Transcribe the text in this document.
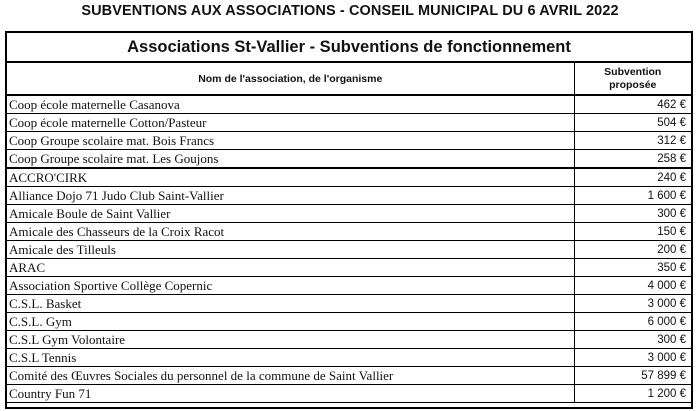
SUBVENTIONS AUX ASSOCIATIONS - CONSEIL MUNICIPAL DU 6 AVRIL 2022
Associations St-Vallier - Subventions de fonctionnement
Nom de l'association, de l'organisme	Subvention
proposée
Coop école maternelle Casanova	462 €
Coop école maternelle Cotton/Pasteur	504 €
Coop Groupe scolaire mat. Bois Francs	312 €
Coop Groupe scolaire mat. Les Goujons	258 €
ACCRO'CIRK	240 €
Alliance Dojo 71 Judo Club Saint-Vallier	1 600 €
Amicale Boule de Saint Vallier	300 €
Amicale des Chasseurs de la Croix Racot	150 €
Amicale des Tilleuls	200 €
ARAC	350 €
Association Sportive Collège Copernic	4 000 €
C.S.L. Basket	3 000 €
C.S.L. Gym	6 000 €
C.S.L Gym Volontaire	300 €
C.S.L Tennis	3 000 €
Comité des Œuvres Sociales du personnel de la commune de Saint Vallier	57 899 €
Country Fun 71	1 200 €
